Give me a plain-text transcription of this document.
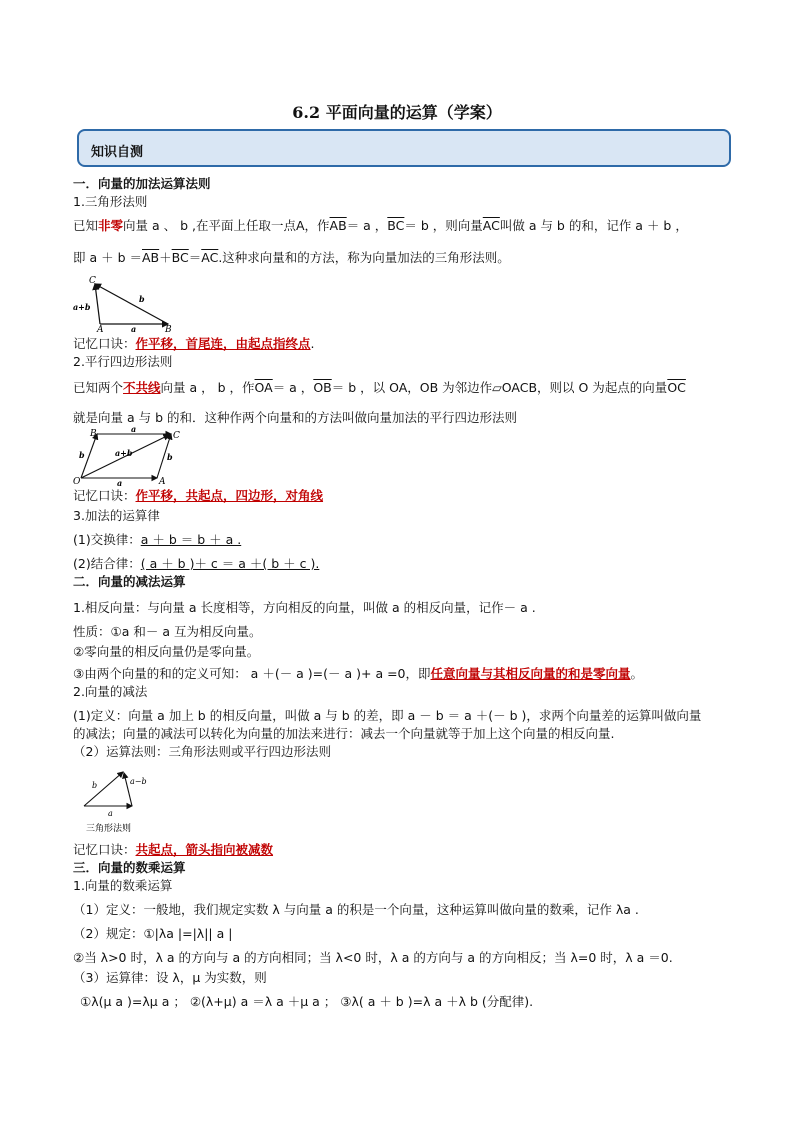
6.2 平面向量的运算（学案）
知识自测
一．向量的加法运算法则
1.三角形法则
已知非零向量 a 、 b ,在平面上任取一点A，作$\overline{AB}= a$ ，$\overline{BC}= b$ ，则向量$\overline{AC}$叫做 a 与 b 的和，记作 a ＋ b ，
即 $a + b =\overline{AB}+\overline{BC}=\overline{AC}$.这种求向量和的方法，称为向量加法的三角形法则。
C
A	B
a+b
b
a
记忆口诀：作平移，首尾连，由起点指终点.
2.平行四边形法则
已知两个不共线向量 a ， b ，作$\overline{OA}= a$ ，$\overline{OB}= b$ ，以 OA，OB 为邻边作▱OACB，则以 O 为起点的向量$\overline{OC}$
就是向量 a 与 b 的和．这种作两个向量和的方法叫做向量加法的平行四边形法则
B	C
O	A
a
a
b	b
a+b
记忆口诀：作平移，共起点，四边形，对角线
3.加法的运算律
(1)交换律：a ＋ b ＝ b ＋ a .
(2)结合律：( a ＋ b )＋ c ＝ a ＋( b ＋ c ).
二．向量的减法运算
1.相反向量：与向量 a 长度相等，方向相反的向量，叫做 a 的相反向量，记作－ a .
性质：①a 和－ a 互为相反向量。
②零向量的相反向量仍是零向量。
③由两个向量的和的定义可知： a ＋(－ a )=(－ a )+ a =0，即任意向量与其相反向量的和是零向量。
2.向量的减法
(1)定义：向量 a 加上 b 的相反向量，叫做 a 与 b 的差，即 a － b ＝ a ＋(－ b )，求两个向量差的运算叫做向量
的减法；向量的减法可以转化为向量的加法来进行：减去一个向量就等于加上这个向量的相反向量.
（2）运算法则：三角形法则或平行四边形法则
b	a−b
a
三角形法则
记忆口诀：共起点，箭头指向被减数
三．向量的数乘运算
1.向量的数乘运算
（1）定义：一般地，我们规定实数 λ 与向量 a 的积是一个向量，这种运算叫做向量的数乘，记作 λa .
（2）规定：①|λa |=|λ|| a |
②当 λ>0 时，λ a 的方向与 a 的方向相同；当 λ<0 时，λ a 的方向与 a 的方向相反；当 λ=0 时，λ a ＝0.
（3）运算律：设 λ，μ 为实数，则
①λ(μ a )=λμ a ； ②(λ+μ) a ＝λ a ＋μ a ； ③λ( a ＋ b )=λ a ＋λ b (分配律).
